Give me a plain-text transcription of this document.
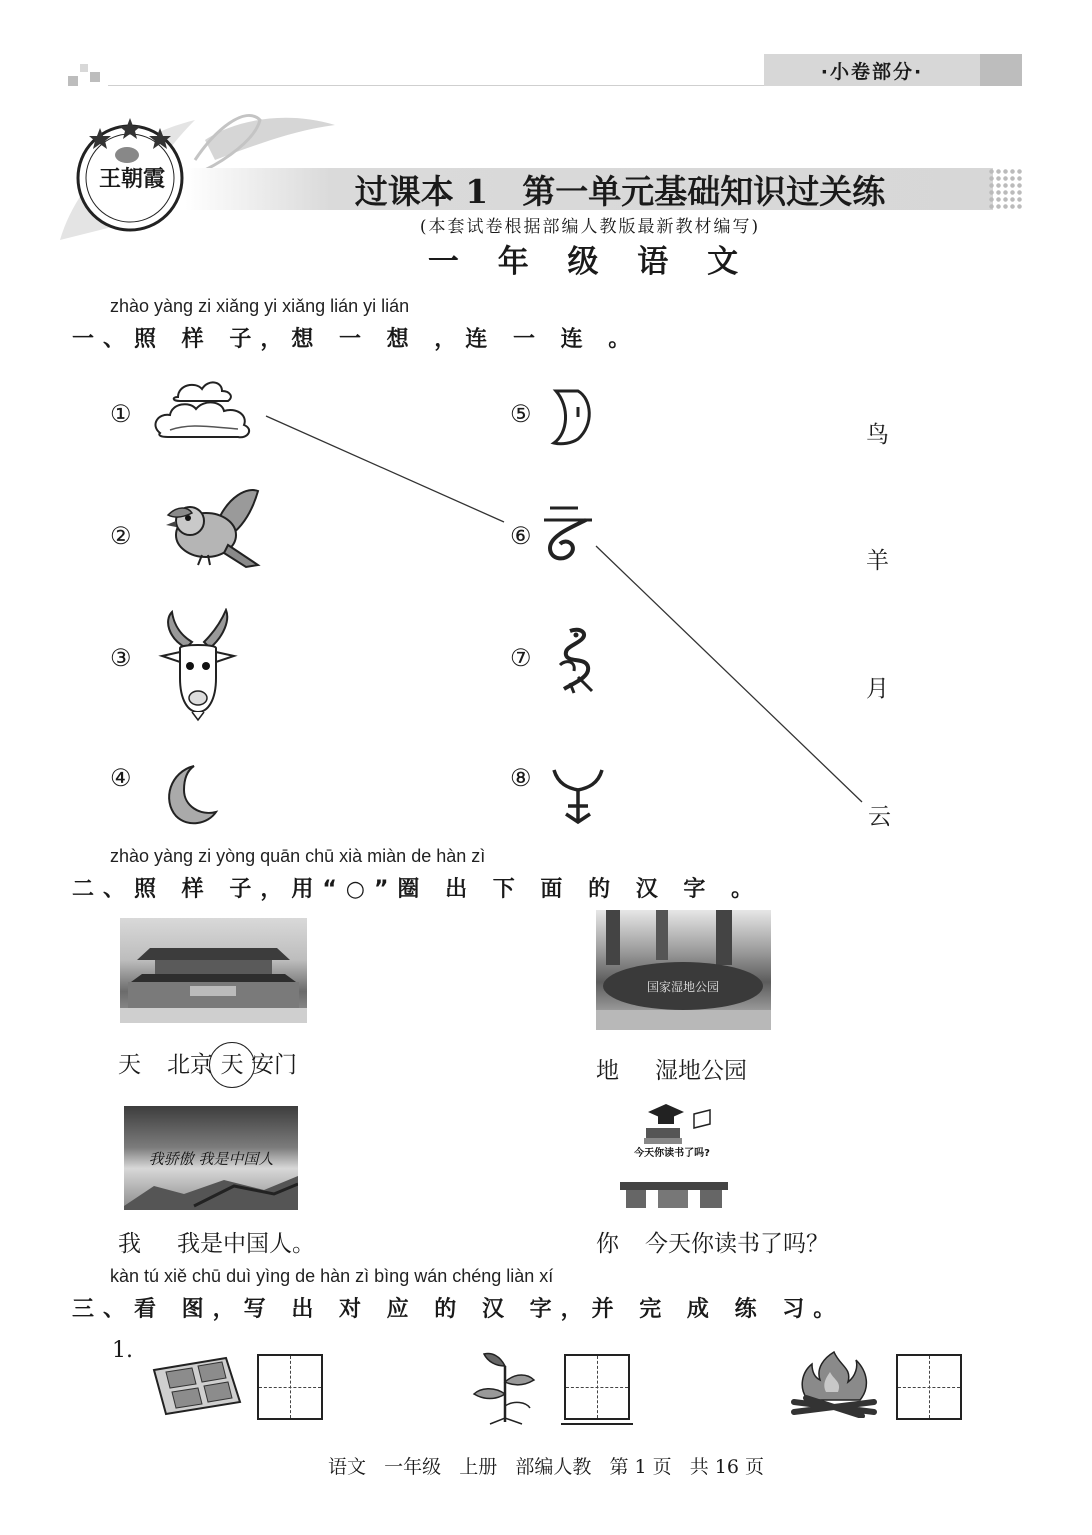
·小卷部分·
王朝霞	过课本 1 第一单元基础知识过关练
(本套试卷根据部编人教版最新教材编写)
一 年 级 语 文
zhào yàng zi xiǎng yi xiǎng lián yi lián
一、照 样 子，想 一 想 ，连 一 连 。
①
②
③
④
⑤
⑥
⑦
⑧
鸟
羊
月
云
zhào yàng zi yòng quān chū xià miàn de hàn zì
二、照 样 子，用“○”圈 出 下 面 的 汉 字 。
天 北京 天 安门
国家湿地公园
地 湿地公园
我骄傲 我是中国人
我 我是中国人。
今天你读书了吗?
你 今天你读书了吗？
kàn tú xiě chū duì yìng de hàn zì bìng wán chéng liàn xí
三、看 图，写 出 对 应 的 汉 字，并 完 成 练 习。
1.
语文   一年级   上册   部编人教   第 1 页   共 16 页
